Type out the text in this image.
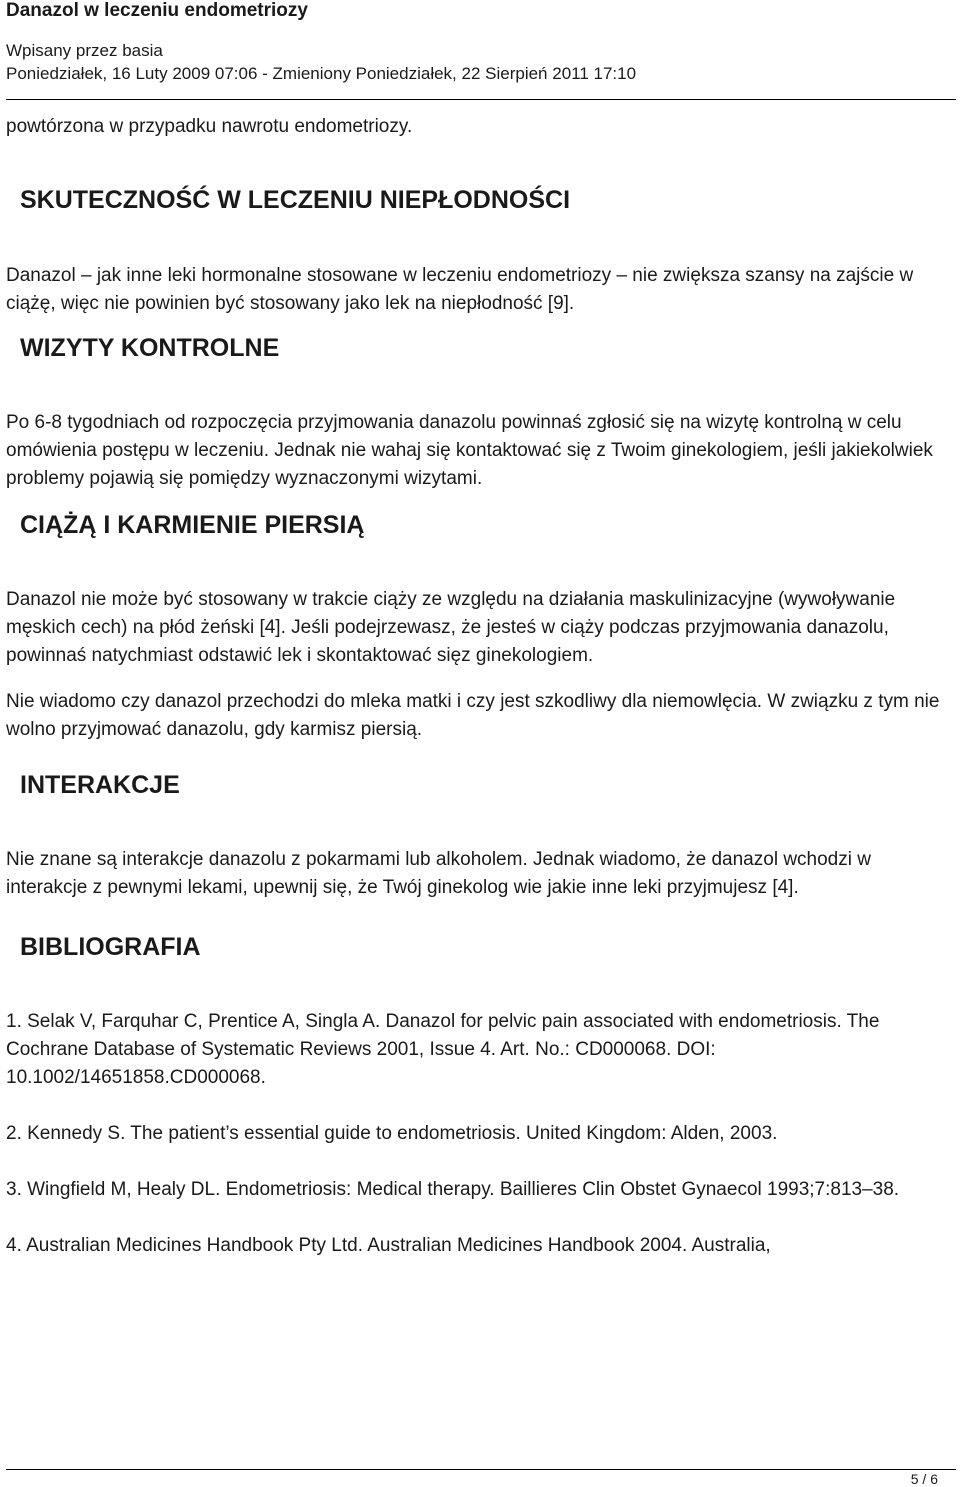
Danazol w leczeniu endometriozy
Wpisany przez basia
Poniedziałek, 16 Luty 2009 07:06 - Zmieniony Poniedziałek, 22 Sierpień 2011 17:10

powtórzona w przypadku nawrotu endometriozy.

SKUTECZNOŚĆ W LECZENIU NIEPŁODNOŚCI

Danazol – jak inne leki hormonalne stosowane w leczeniu endometriozy – nie zwiększa szansy na zajście w ciążę, więc nie powinien być stosowany jako lek na niepłodność [9].

WIZYTY KONTROLNE

Po 6-8 tygodniach od rozpoczęcia przyjmowania danazolu powinnaś zgłosić się na wizytę kontrolną w celu omówienia postępu w leczeniu. Jednak nie wahaj się kontaktować się z Twoim ginekologiem, jeśli jakiekolwiek problemy pojawią się pomiędzy wyznaczonymi wizytami.

CIĄŻĄ I KARMIENIE PIERSIĄ

Danazol nie może być stosowany w trakcie ciąży ze względu na działania maskulinizacyjne (wywoływanie męskich cech) na płód żeński [4]. Jeśli podejrzewasz, że jesteś w ciąży podczas przyjmowania danazolu, powinnaś natychmiast odstawić lek i skontaktować sięz ginekologiem.

Nie wiadomo czy danazol przechodzi do mleka matki i czy jest szkodliwy dla niemowlęcia. W związku z tym nie wolno przyjmować danazolu, gdy karmisz piersią.

INTERAKCJE

Nie znane są interakcje danazolu z pokarmami lub alkoholem. Jednak wiadomo, że danazol wchodzi w interakcje z pewnymi lekami, upewnij się, że Twój ginekolog wie jakie inne leki przyjmujesz [4].

BIBLIOGRAFIA

1. Selak V, Farquhar C, Prentice A, Singla A. Danazol for pelvic pain associated with endometriosis. The Cochrane Database of Systematic Reviews 2001, Issue 4. Art. No.: CD000068. DOI: 10.1002/14651858.CD000068.

2. Kennedy S. The patient’s essential guide to endometriosis. United Kingdom: Alden, 2003.

3. Wingfield M, Healy DL. Endometriosis: Medical therapy. Baillieres Clin Obstet Gynaecol 1993;7:813–38.

4. Australian Medicines Handbook Pty Ltd. Australian Medicines Handbook 2004. Australia,

5 / 6
